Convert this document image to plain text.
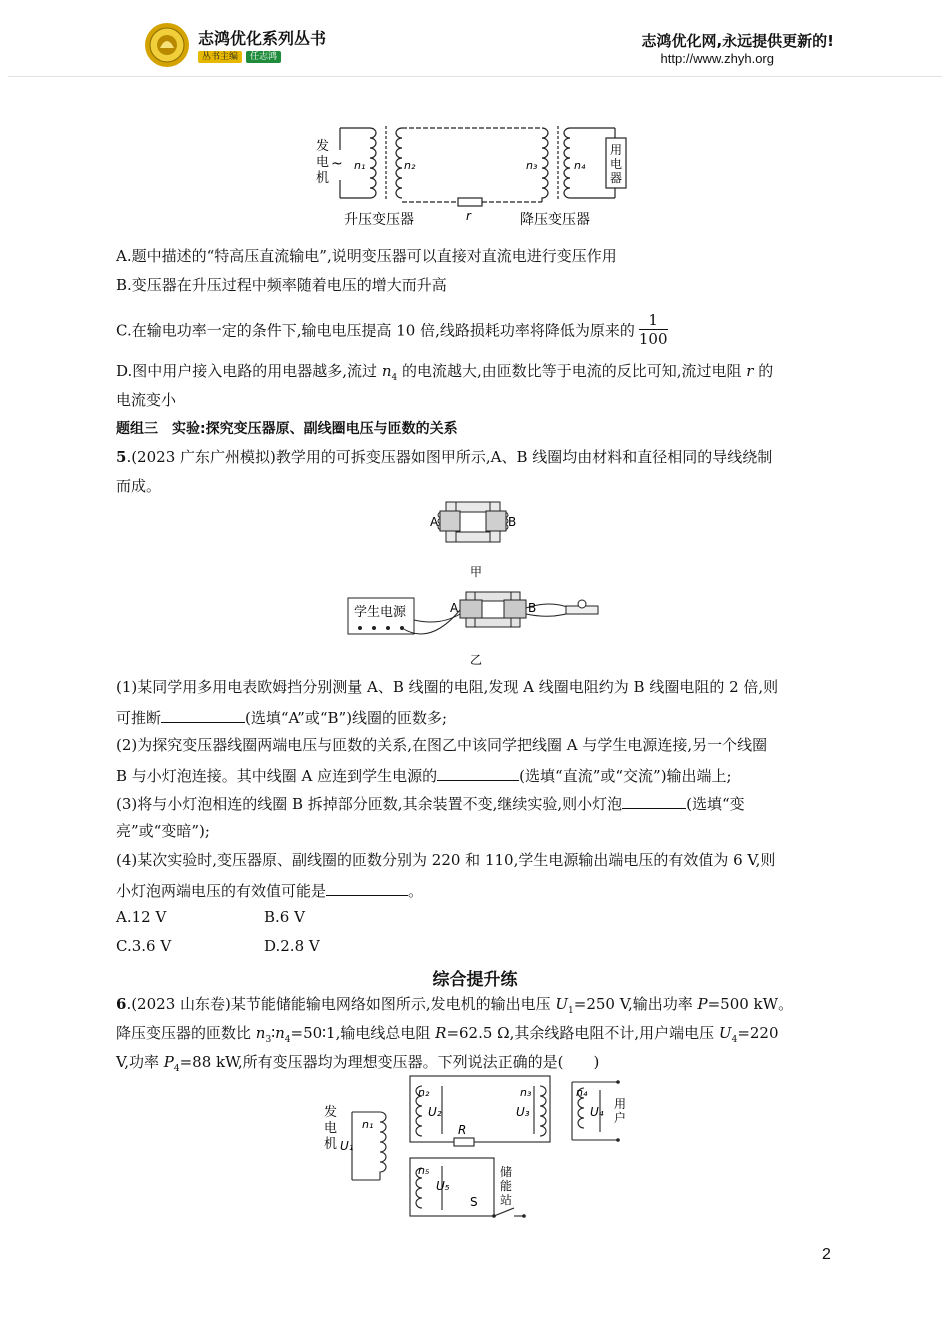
志鸿优化系列丛书
丛书主编 任志鸿
志鸿优化网,永远提供更新的!
http://www.zhyh.org
发
电
机
~ n₁	n₂	n₃	n₄
用
电
器
r
升压变压器	降压变压器
A.题中描述的“特高压直流输电”,说明变压器可以直接对直流电进行变压作用
B.变压器在升压过程中频率随着电压的增大而升高
C.在输电功率一定的条件下,输电电压提高 10 倍,线路损耗功率将降低为原来的 $\frac{1}{100}$
D.图中用户接入电路的用电器越多,流过 $n_4$ 的电流越大,由匝数比等于电流的反比可知,流过电阻 r 的
电流变小
题组三　实验:探究变压器原、副线圈电压与匝数的关系
5.(2023 广东广州模拟)教学用的可拆变压器如图甲所示,A、B 线圈均由材料和直径相同的导线绕制
而成。
A	B
甲
学生电源	A	B
乙
(1)某同学用多用电表欧姆挡分别测量 A、B 线圈的电阻,发现 A 线圈电阻约为 B 线圈电阻的 2 倍,则
可推断	(选填“A”或“B”)线圈的匝数多;
(2)为探究变压器线圈两端电压与匝数的关系,在图乙中该同学把线圈 A 与学生电源连接,另一个线圈
B 与小灯泡连接。其中线圈 A 应连到学生电源的	(选填“直流”或“交流”)输出端上;
(3)将与小灯泡相连的线圈 B 拆掉部分匝数,其余装置不变,继续实验,则小灯泡	(选填“变
亮”或“变暗”);
(4)某次实验时,变压器原、副线圈的匝数分别为 220 和 110,学生电源输出端电压的有效值为 6 V,则
小灯泡两端电压的有效值可能是	。
A.12 V	B.6 V
C.3.6 V	D.2.8 V
综合提升练
6.(2023 山东卷)某节能储能输电网络如图所示,发电机的输出电压 $U_1=250$ V,输出功率 P=500 kW。
降压变压器的匝数比 $n_3∶n_4=50∶1$,输电线总电阻 R=62.5 Ω,其余线路电阻不计,用户端电压 $U_4=220$
V,功率 $P_4=88$ kW,所有变压器均为理想变压器。下列说法正确的是(　　)
发
电
机
n₁
U₁
n₂
U₂
n₃
U₃
R
n₄
U₄
用
户
n₅
U₅
储
能
站
S
2
